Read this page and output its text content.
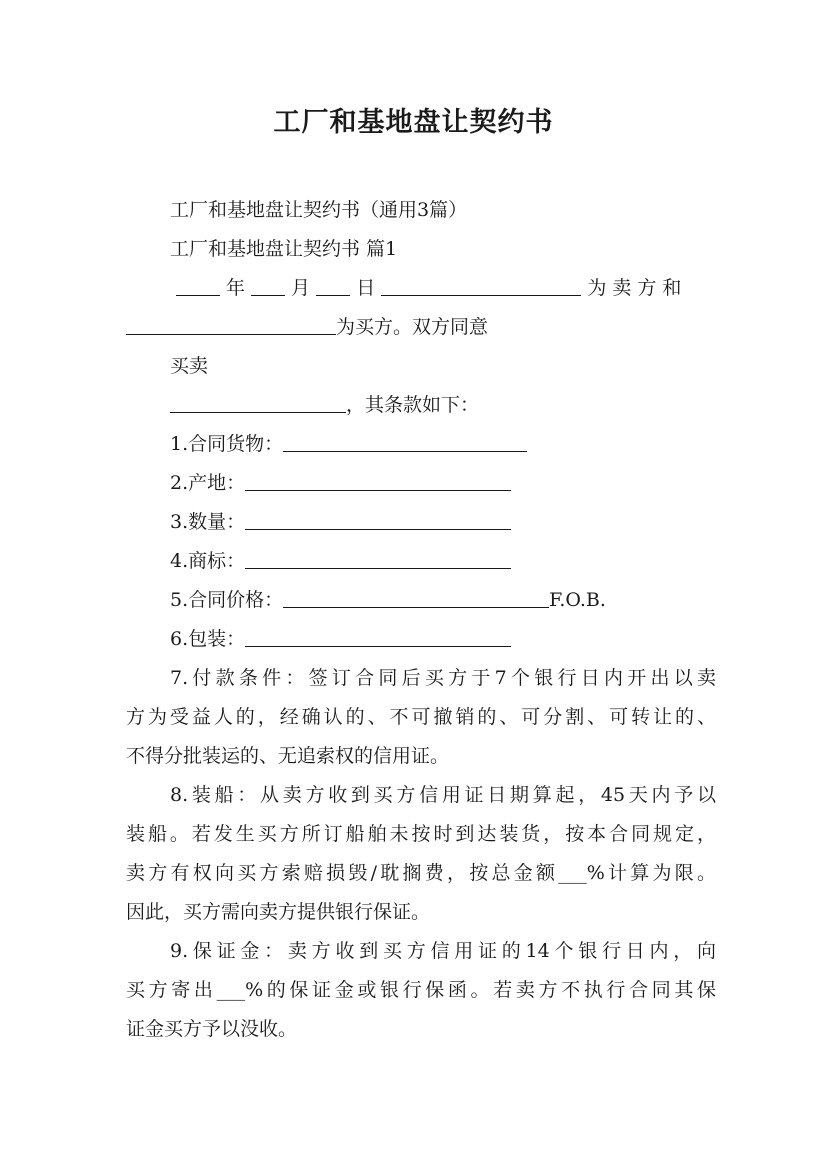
工厂和基地盘让契约书
工厂和基地盘让契约书（通用3篇）
工厂和基地盘让契约书 篇1
年 月 日	为卖方和
为买方。双方同意
买卖
，其条款如下：
1.合同货物：
2.产地：
3.数量：
4.商标：
5.合同价格：	F.O.B.
6.包装：
7.付款条件：签订合同后买方于7个银行日内开出以卖
方为受益人的，经确认的、不可撤销的、可分割、可转让的、
不得分批装运的、无追索权的信用证。
8.装船：从卖方收到买方信用证日期算起，45天内予以
装船。若发生买方所订船舶未按时到达装货，按本合同规定，
卖方有权向买方索赔损毁/耽搁费，按总金额___%计算为限。
因此，买方需向卖方提供银行保证。
9.保证金：卖方收到买方信用证的14个银行日内，向
买方寄出___%的保证金或银行保函。若卖方不执行合同其保
证金买方予以没收。
